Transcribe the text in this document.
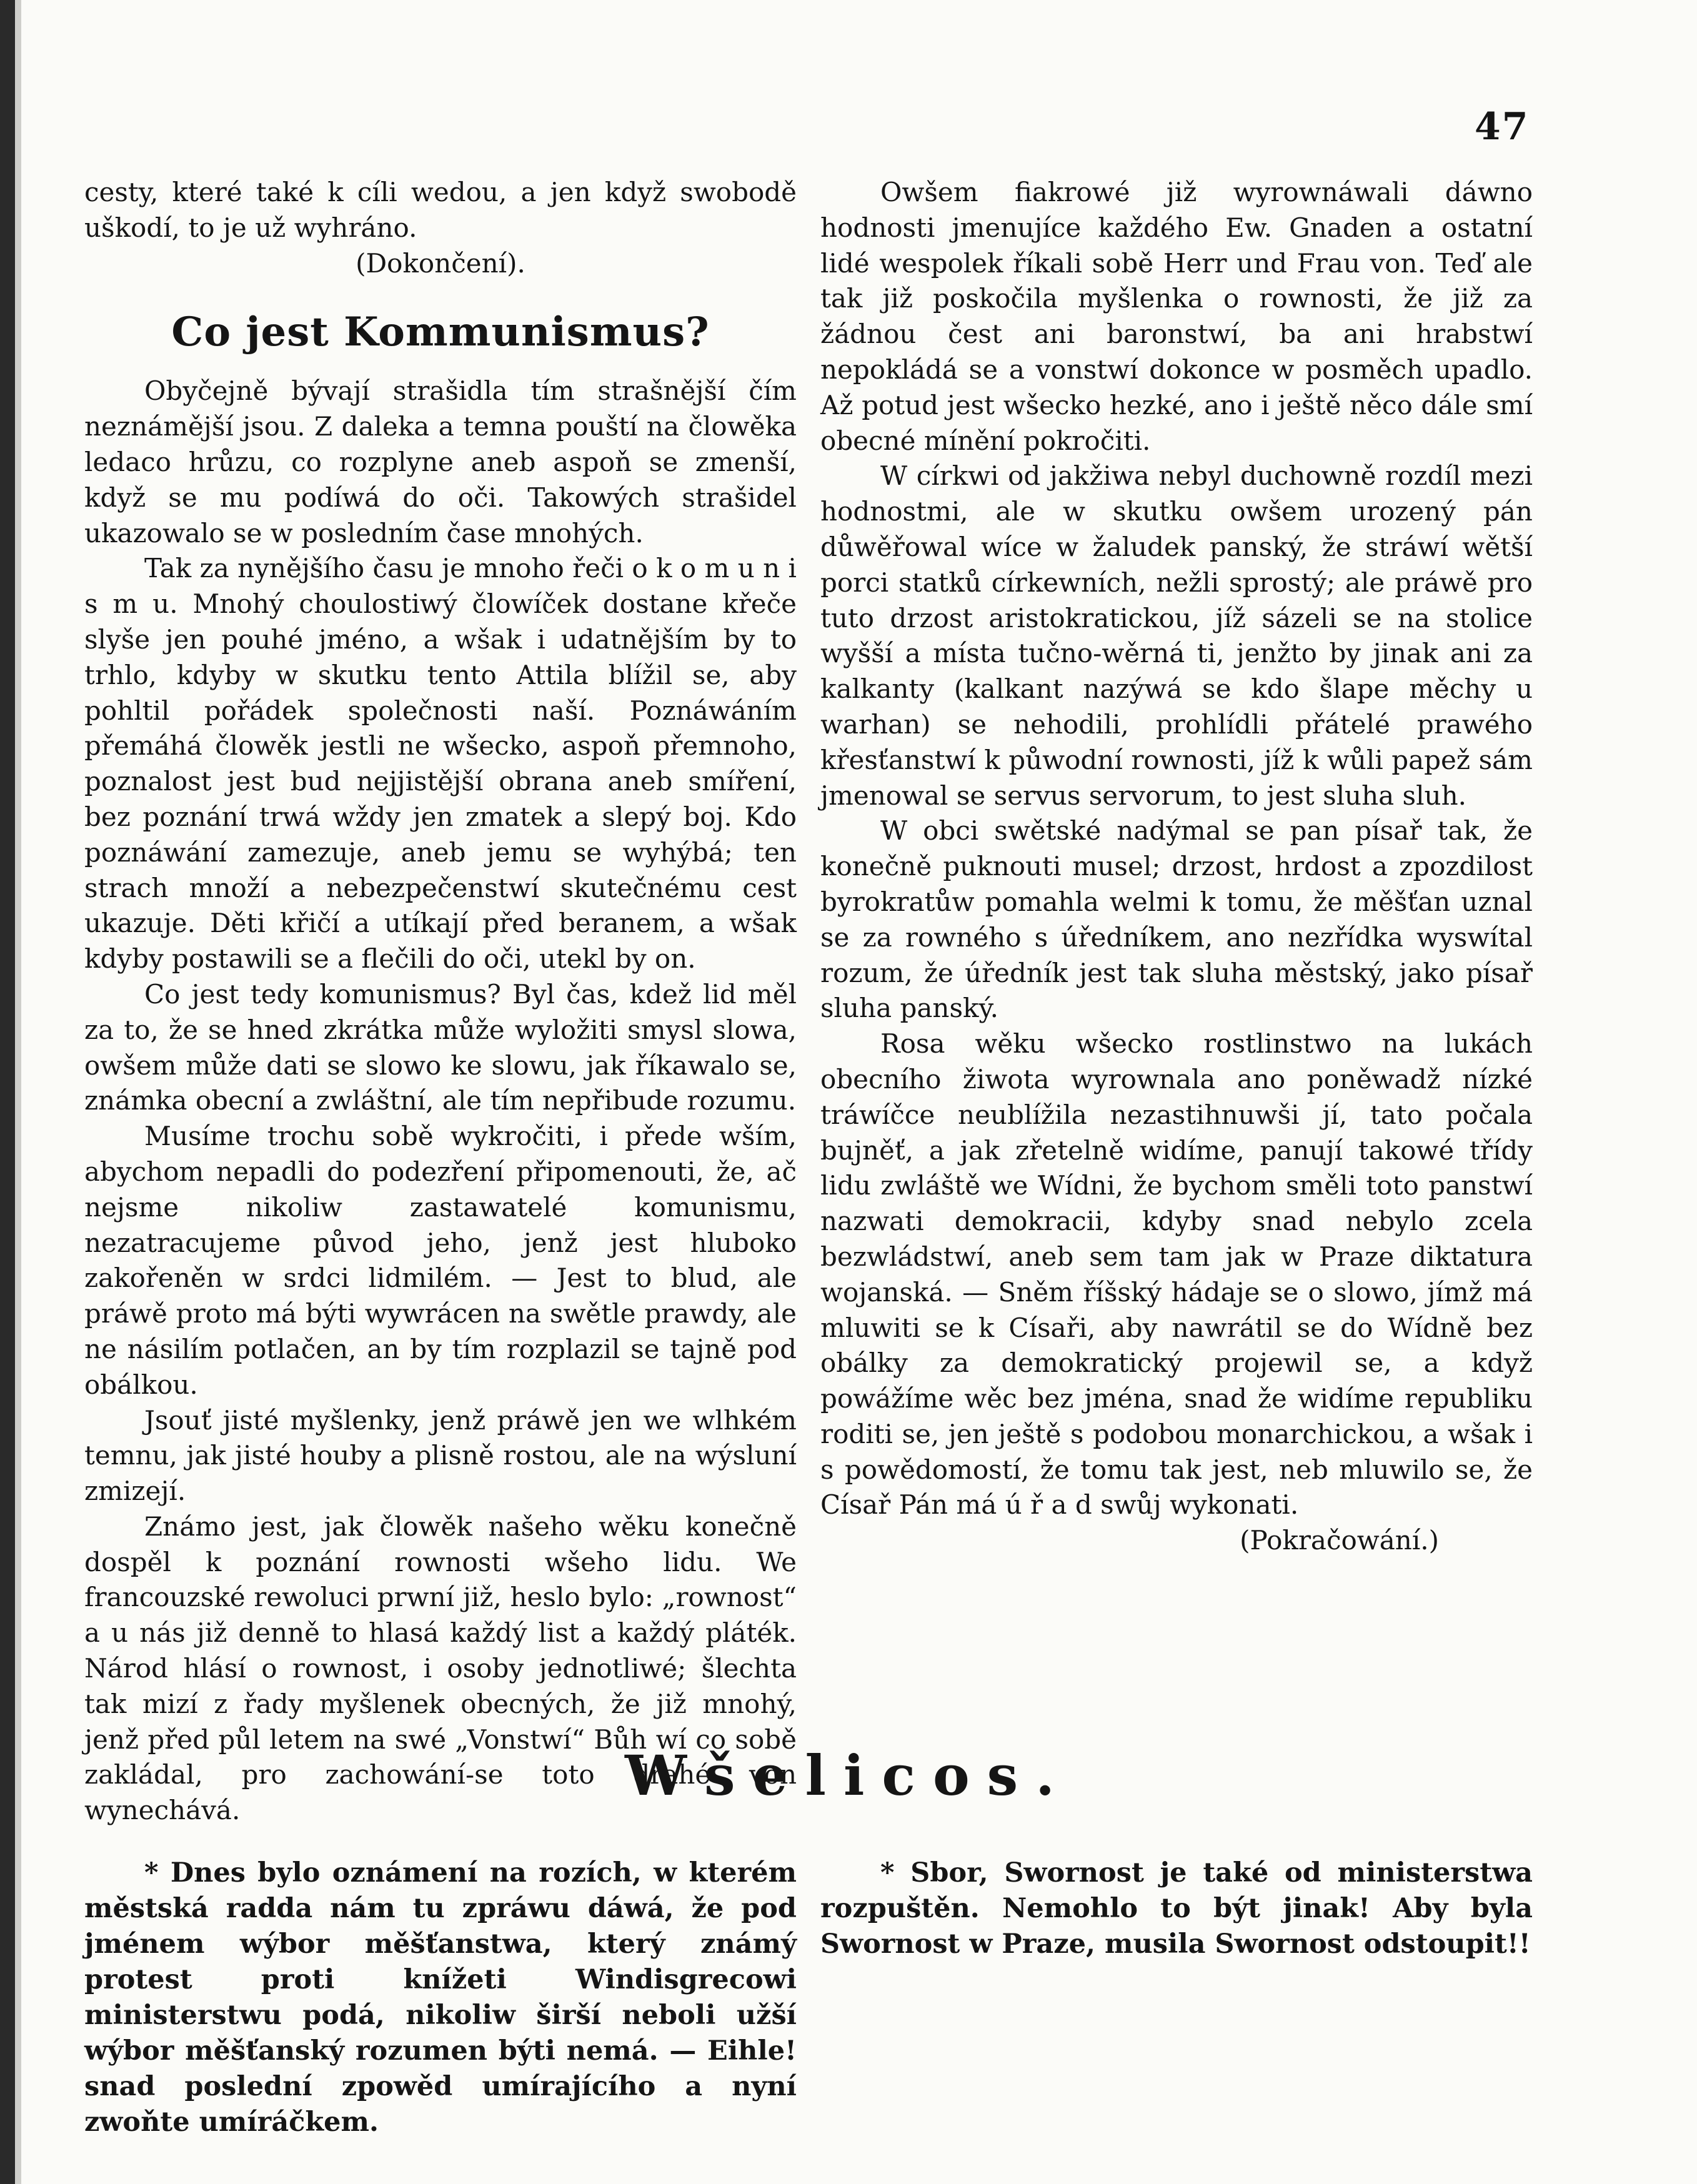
47

cesty, které také k cíli wedou, a jen když swobodě uškodí, to je už wyhráno.

(Dokončení).

Co jest Kommunismus?

Obyčejně bývají strašidla tím strašnější čím neznámější jsou. Z daleka a temna pouští na člowěka ledaco hrůzu, co rozplyne aneb aspoň se zmenší, když se mu podíwá do oči. Takowých strašidel ukazowalo se w posledním čase mnohých.

Tak za nynějšího času je mnoho řeči o k o m u n i s m u. Mnohý choulostiwý člowíček dostane křeče slyše jen pouhé jméno, a wšak i udatnějším by to trhlo, kdyby w skutku tento Attila blížil se, aby pohltil pořádek společnosti naší. Poznáwáním přemáhá člowěk jestli ne wšecko, aspoň přemnoho, poznalost jest bud nejjistější obrana aneb smíření, bez poznání trwá wždy jen zmatek a slepý boj. Kdo poznáwání zamezuje, aneb jemu se wyhýbá; ten strach množí a nebezpečenstwí skutečnému cest ukazuje. Děti křičí a utíkají před beranem, a wšak kdyby postawili se a flečili do oči, utekl by on.

Co jest tedy komunismus? Byl čas, kdež lid měl za to, že se hned zkrátka může wyložiti smysl slowa, owšem může dati se slowo ke slowu, jak říkawalo se, známka obecní a zwláštní, ale tím nepřibude rozumu.

Musíme trochu sobě wykročiti, i přede wším, abychom nepadli do podezření připomenouti, že, ač nejsme nikoliw zastawatelé komunismu, nezatracujeme původ jeho, jenž jest hluboko zakořeněn w srdci lidmilém. — Jest to blud, ale práwě proto má býti wywrácen na swětle prawdy, ale ne násilím potlačen, an by tím rozplazil se tajně pod obálkou.

Jsouť jisté myšlenky, jenž práwě jen we wlhkém temnu, jak jisté houby a plisně rostou, ale na wýsluní zmizejí.

Známo jest, jak člowěk našeho wěku konečně dospěl k poznání rownosti wšeho lidu. We francouzské rewoluci prwní již, heslo bylo: „rownost“ a u nás již denně to hlasá každý list a každý pláték. Národ hlásí o rownost, i osoby jednotliwé; šlechta tak mizí z řady myšlenek obecných, že již mnohý, jenž před půl letem na swé „Vonstwí“ Bůh wí co sobě zakládal, pro zachowání-se toto drahé von wynechává.

Owšem fiakrowé již wyrownáwali dáwno hodnosti jmenujíce každého Ew. Gnaden a ostatní lidé wespolek říkali sobě Herr und Frau von. Teď ale tak již poskočila myšlenka o rownosti, že již za žádnou čest ani baronstwí, ba ani hrabstwí nepokládá se a vonstwí dokonce w posměch upadlo. Až potud jest wšecko hezké, ano i ještě něco dále smí obecné mínění pokročiti.

W církwi od jakžiwa nebyl duchowně rozdíl mezi hodnostmi, ale w skutku owšem urozený pán důwěřowal wíce w žaludek panský, že stráwí wětší porci statků církewních, nežli sprostý; ale práwě pro tuto drzost aristokratickou, jíž sázeli se na stolice wyšší a místa tučno-wěrná ti, jenžto by jinak ani za kalkanty (kalkant nazýwá se kdo šlape měchy u warhan) se nehodili, prohlídli přátelé prawého křesťanstwí k půwodní rownosti, jíž k wůli papež sám jmenowal se servus servorum, to jest sluha sluh.

W obci swětské nadýmal se pan písař tak, že konečně puknouti musel; drzost, hrdost a zpozdilost byrokratůw pomahla welmi k tomu, že měšťan uznal se za rowného s úředníkem, ano nezřídka wyswítal rozum, že úředník jest tak sluha městský, jako písař sluha panský.

Rosa wěku wšecko rostlinstwo na lukách obecního žiwota wyrownala ano poněwadž nízké tráwíčce neublížila nezastihnuwši jí, tato počala bujněť, a jak zřetelně widíme, panují takowé třídy lidu zwláště we Wídni, že bychom směli toto panstwí nazwati demokracii, kdyby snad nebylo zcela bezwládstwí, aneb sem tam jak w Praze diktatura wojanská. — Sněm říšský hádaje se o slowo, jímž má mluwiti se k Císaři, aby nawrátil se do Wídně bez obálky za demokratický projewil se, a když powážíme wěc bez jména, snad že widíme republiku roditi se, jen ještě s podobou monarchickou, a wšak i s powědomostí, že tomu tak jest, neb mluwilo se, že Císař Pán má ú ř a d swůj wykonati.

(Pokračowání.)

Wšelicos.

* Dnes bylo oznámení na rozích, w kterém městská radda nám tu zpráwu dáwá, že pod jménem wýbor měšťanstwa, který známý protest proti knížeti Windisgrecowi ministerstwu podá, nikoliw širší neboli užší wýbor měšťanský rozumen býti nemá. — Eihle! snad poslední zpowěd umírajícího a nyní zwoňte umíráčkem.

* Sbor, Swornost je také od ministerstwa rozpuštěn. Nemohlo to být jinak! Aby byla Swornost w Praze, musila Swornost odstoupit!!
